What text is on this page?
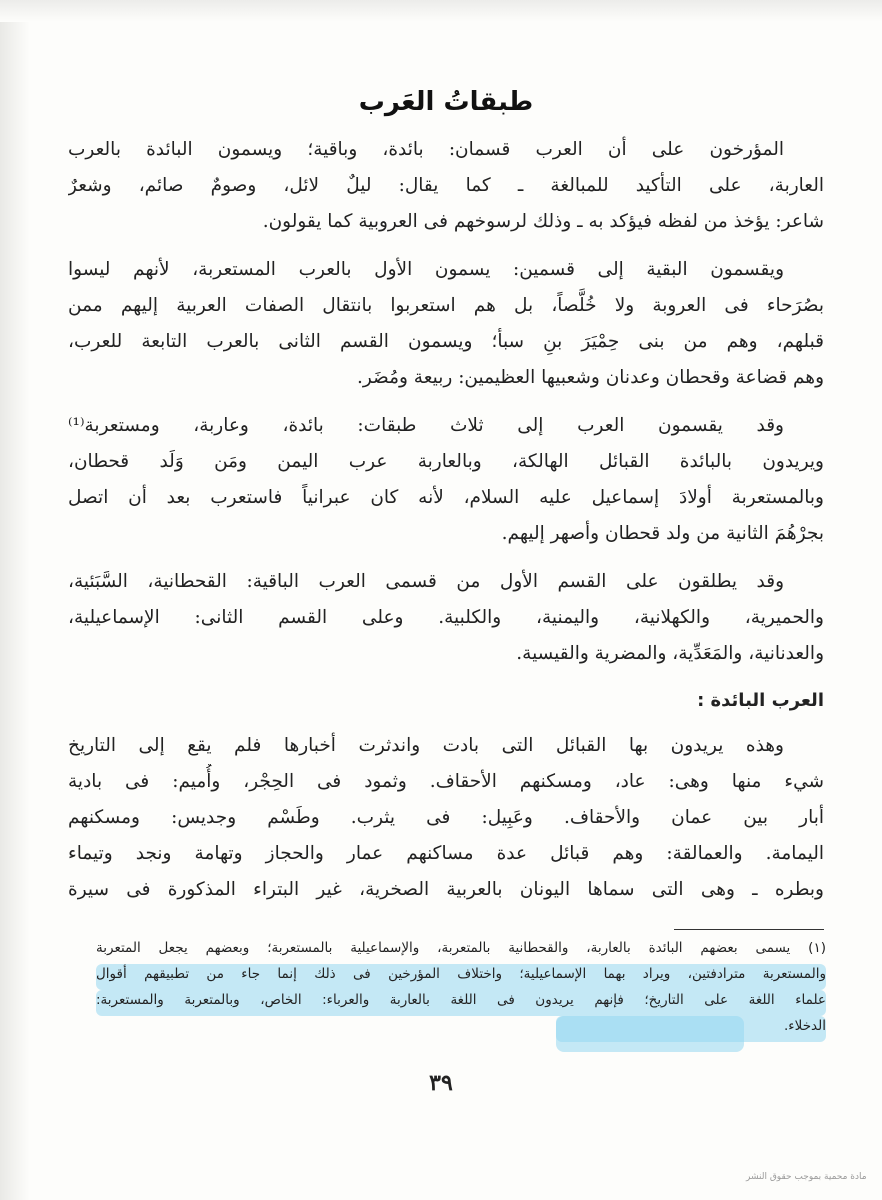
طبقاتُ العَرب
المؤرخون على أن العرب قسمان: بائدة، وباقية؛ ويسمون البائدة بالعرب
العاربة، على التأكيد للمبالغة ـ كما يقال: ليلٌ لائل، وصومٌ صائم، وشعرٌ
شاعر: يؤخذ من لفظه فيؤكد به ـ وذلك لرسوخهم فى العروبية كما يقولون.
ويقسمون البقية إلى قسمين: يسمون الأول بالعرب المستعربة، لأنهم ليسوا
بصُرَحاء فى العروبة ولا خُلَّصاً، بل هم استعربوا بانتقال الصفات العربية إليهم ممن
قبلهم، وهم من بنى حِمْيَرَ بنِ سبأ؛ ويسمون القسم الثانى بالعرب التابعة للعرب،
وهم قضاعة وقحطان وعدنان وشعبيها العظيمين: ربيعة ومُضَر.
وقد يقسمون العرب إلى ثلاث طبقات: بائدة، وعاربة، ومستعربة⁽¹⁾
ويريدون بالبائدة القبائل الهالكة، وبالعاربة عرب اليمن ومَن وَلَد قحطان،
وبالمستعربة أولادَ إسماعيل عليه السلام، لأنه كان عبرانياً فاستعرب بعد أن اتصل
بجرْهُمَ الثانية من ولد قحطان وأصهر إليهم.
وقد يطلقون على القسم الأول من قسمى العرب الباقية: القحطانية، السَّبَئية،
والحميرية، والكهلانية، واليمنية، والكلبية. وعلى القسم الثانى: الإسماعيلية،
والعدنانية، والمَعَدِّية، والمضرية والقيسية.
العرب البائدة :
وهذه يريدون بها القبائل التى بادت واندثرت أخبارها فلم يقع إلى التاريخ
شيء منها وهى: عاد، ومسكنهم الأحقاف. وثمود فى الحِجْر، وأُميم: فى بادية
أبار بين عمان والأحقاف. وعَبِيل: فى يثرب. وطَسْم وجديس: ومسكنهم
اليمامة. والعمالقة: وهم قبائل عدة مساكنهم عمار والحجاز وتهامة ونجد وتيماء
وبطره ـ وهى التى سماها اليونان بالعربية الصخرية، غير البتراء المذكورة فى سيرة
(١) يسمى بعضهم البائدة بالعاربة، والقحطانية بالمتعربة، والإسماعيلية بالمستعربة؛ وبعضهم يجعل المتعربة
والمستعربة مترادفتين، ويراد بهما الإسماعيلية؛ واختلاف المؤرخين فى ذلك إنما جاء من تطبيقهم أقوال
علماء اللغة على التاريخ؛ فإنهم يريدون فى اللغة بالعاربة والعرباء: الخاص، وبالمتعربة والمستعربة:
الدخلاء.
٣٩
مادة محمية بموجب حقوق النشر
